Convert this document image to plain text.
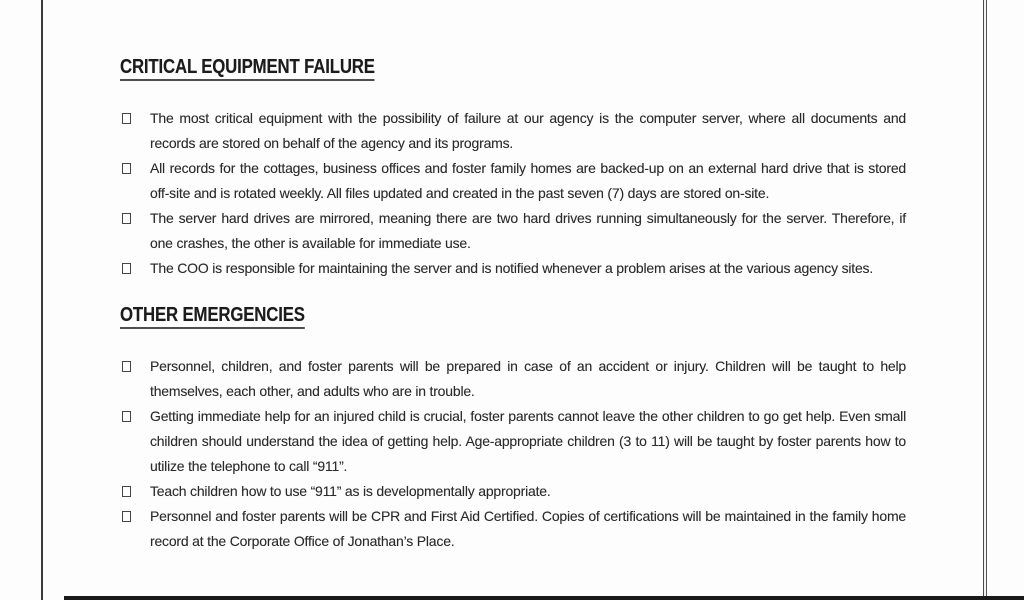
CRITICAL EQUIPMENT FAILURE
The most critical equipment with the possibility of failure at our agency is the computer server, where all documents and records are stored on behalf of the agency and its programs.
All records for the cottages, business offices and foster family homes are backed-up on an external hard drive that is stored off-site and is rotated weekly. All files updated and created in the past seven (7) days are stored on-site.
The server hard drives are mirrored, meaning there are two hard drives running simultaneously for the server. Therefore, if one crashes, the other is available for immediate use.
The COO is responsible for maintaining the server and is notified whenever a problem arises at the various agency sites.
OTHER EMERGENCIES
Personnel, children, and foster parents will be prepared in case of an accident or injury. Children will be taught to help themselves, each other, and adults who are in trouble.
Getting immediate help for an injured child is crucial, foster parents cannot leave the other children to go get help. Even small children should understand the idea of getting help. Age-appropriate children (3 to 11) will be taught by foster parents how to utilize the telephone to call “911”.
Teach children how to use “911” as is developmentally appropriate.
Personnel and foster parents will be CPR and First Aid Certified. Copies of certifications will be maintained in the family home record at the Corporate Office of Jonathan’s Place.
